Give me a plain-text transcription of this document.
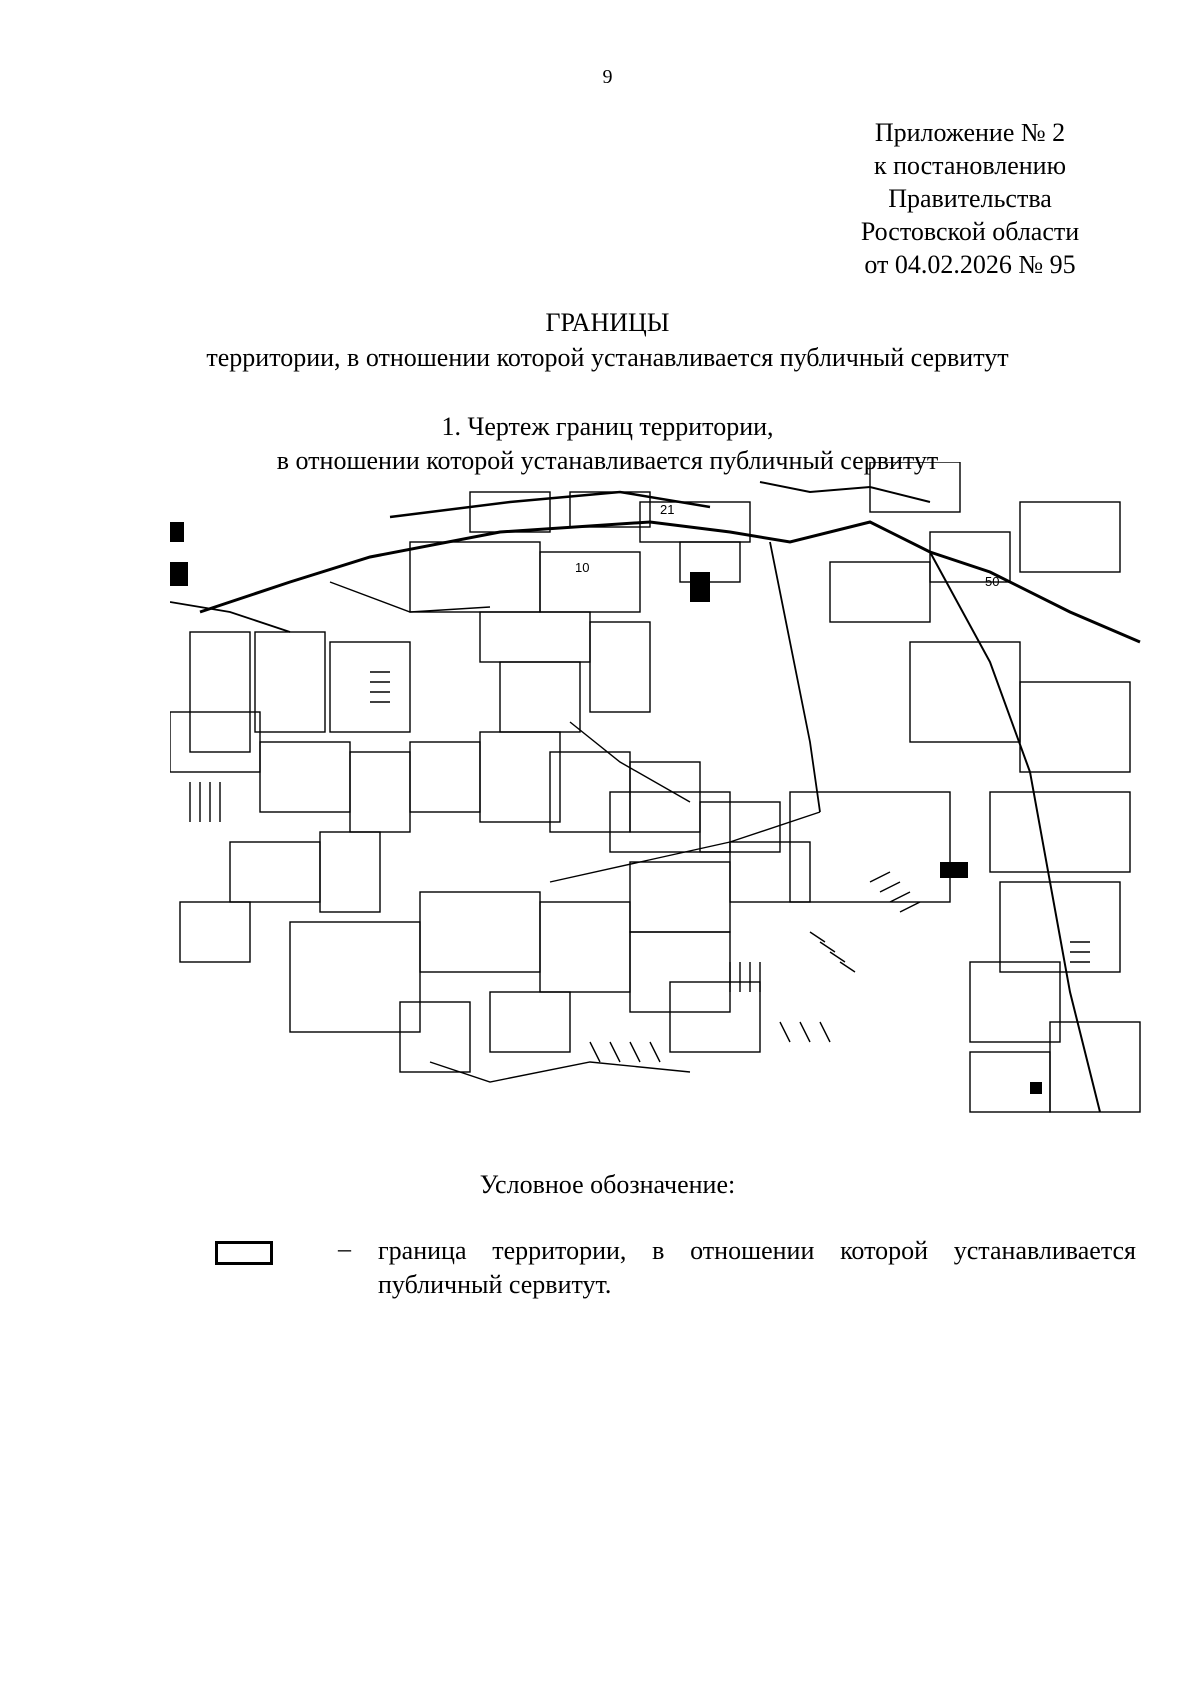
9
Приложение № 2
к постановлению
Правительства
Ростовской области
от 04.02.2026 № 95
ГРАНИЦЫ
территории, в отношении которой устанавливается публичный сервитут
1. Чертеж границ территории,
в отношении которой устанавливается публичный сервитут
21
10
50
Условное обозначение:
– граница территории, в отношении которой устанавливается
публичный сервитут.
